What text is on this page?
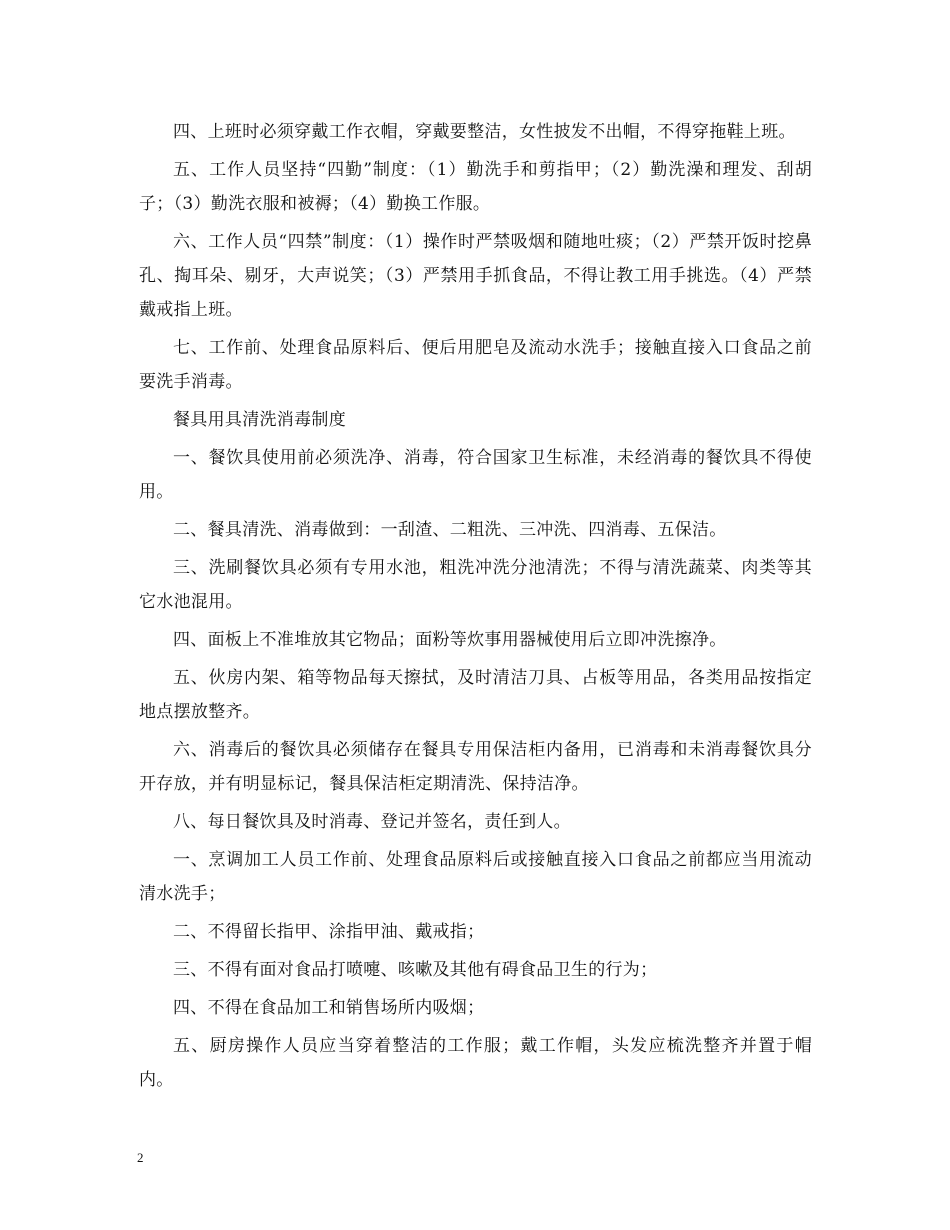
四、上班时必须穿戴工作衣帽，穿戴要整洁，女性披发不出帽，不得穿拖鞋上班。

五、工作人员坚持“四勤”制度：（1）勤洗手和剪指甲；（2）勤洗澡和理发、刮胡子；（3）勤洗衣服和被褥；（4）勤换工作服。

六、工作人员“四禁”制度：（1）操作时严禁吸烟和随地吐痰；（2）严禁开饭时挖鼻孔、掏耳朵、剔牙，大声说笑；（3）严禁用手抓食品，不得让教工用手挑选。（4）严禁戴戒指上班。

七、工作前、处理食品原料后、便后用肥皂及流动水洗手；接触直接入口食品之前要洗手消毒。

餐具用具清洗消毒制度

一、餐饮具使用前必须洗净、消毒，符合国家卫生标准，未经消毒的餐饮具不得使用。

二、餐具清洗、消毒做到：一刮渣、二粗洗、三冲洗、四消毒、五保洁。

三、洗刷餐饮具必须有专用水池，粗洗冲洗分池清洗；不得与清洗蔬菜、肉类等其它水池混用。

四、面板上不准堆放其它物品；面粉等炊事用器械使用后立即冲洗擦净。

五、伙房内架、箱等物品每天擦拭，及时清洁刀具、占板等用品，各类用品按指定地点摆放整齐。

六、消毒后的餐饮具必须储存在餐具专用保洁柜内备用，已消毒和未消毒餐饮具分开存放，并有明显标记，餐具保洁柜定期清洗、保持洁净。

八、每日餐饮具及时消毒、登记并签名，责任到人。

一、烹调加工人员工作前、处理食品原料后或接触直接入口食品之前都应当用流动清水洗手；

二、不得留长指甲、涂指甲油、戴戒指；

三、不得有面对食品打喷嚏、咳嗽及其他有碍食品卫生的行为；

四、不得在食品加工和销售场所内吸烟；

五、厨房操作人员应当穿着整洁的工作服；戴工作帽，头发应梳洗整齐并置于帽内。

2
